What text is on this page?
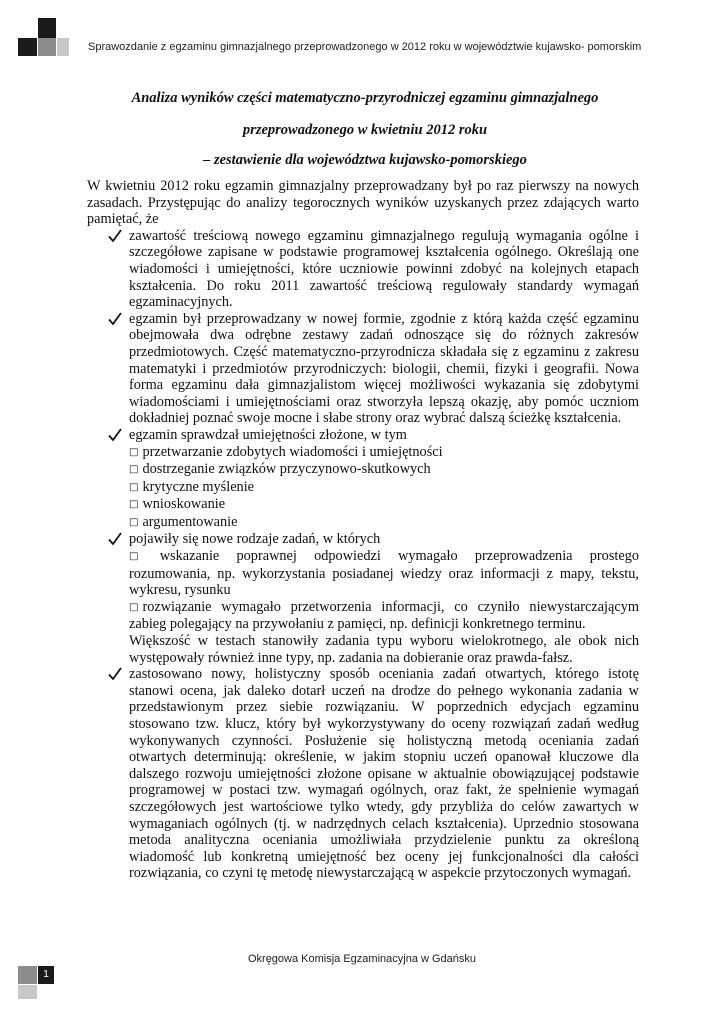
Sprawozdanie z egzaminu gimnazjalnego przeprowadzonego w 2012 roku w województwie kujawsko- pomorskim
Analiza wyników części matematyczno-przyrodniczej egzaminu gimnazjalnego
przeprowadzonego w kwietniu 2012 roku
– zestawienie dla województwa kujawsko-pomorskiego

W kwietniu 2012 roku egzamin gimnazjalny przeprowadzany był po raz pierwszy na nowych zasadach. Przystępując do analizy tegorocznych wyników uzyskanych przez zdających warto pamiętać, że

zawartość treściową nowego egzaminu gimnazjalnego regulują wymagania ogólne i szczegółowe zapisane w podstawie programowej kształcenia ogólnego. Określają one wiadomości i umiejętności, które uczniowie powinni zdobyć na kolejnych etapach kształcenia. Do roku 2011 zawartość treściową regulowały standardy wymagań egzaminacyjnych.
egzamin był przeprowadzany w nowej formie, zgodnie z którą każda część egzaminu obejmowała dwa odrębne zestawy zadań odnoszące się do różnych zakresów przedmiotowych. Część matematyczno-przyrodnicza składała się z egzaminu z zakresu matematyki i przedmiotów przyrodniczych: biologii, chemii, fizyki i geografii. Nowa forma egzaminu dała gimnazjalistom więcej możliwości wykazania się zdobytymi wiadomościami i umiejętnościami oraz stworzyła lepszą okazję, aby pomóc uczniom dokładniej poznać swoje mocne i słabe strony oraz wybrać dalszą ścieżkę kształcenia.
egzamin sprawdzał umiejętności złożone, w tym

□ przetwarzanie zdobytych wiadomości i umiejętności

□ dostrzeganie związków przyczynowo-skutkowych

□ krytyczne myślenie

□ wnioskowanie

□ argumentowanie

pojawiły się nowe rodzaje zadań, w których

□ wskazanie poprawnej odpowiedzi wymagało przeprowadzenia prostego rozumowania, np. wykorzystania posiadanej wiedzy oraz informacji z mapy, tekstu, wykresu, rysunku

□ rozwiązanie wymagało przetworzenia informacji, co czyniło niewystarczającym zabieg polegający na przywołaniu z pamięci, np. definicji konkretnego terminu.

Większość w testach stanowiły zadania typu wyboru wielokrotnego, ale obok nich występowały również inne typy, np. zadania na dobieranie oraz prawda-fałsz.

zastosowano nowy, holistyczny sposób oceniania zadań otwartych, którego istotę stanowi ocena, jak daleko dotarł uczeń na drodze do pełnego wykonania zadania w przedstawionym przez siebie rozwiązaniu. W poprzednich edycjach egzaminu stosowano tzw. klucz, który był wykorzystywany do oceny rozwiązań zadań według wykonywanych czynności. Posłużenie się holistyczną metodą oceniania zadań otwartych determinują: określenie, w jakim stopniu uczeń opanował kluczowe dla dalszego rozwoju umiejętności złożone opisane w aktualnie obowiązującej podstawie programowej w postaci tzw. wymagań ogólnych, oraz fakt, że spełnienie wymagań szczegółowych jest wartościowe tylko wtedy, gdy przybliża do celów zawartych w wymaganiach ogólnych (tj. w nadrzędnych celach kształcenia). Uprzednio stosowana metoda analityczna oceniania umożliwiała przydzielenie punktu za określoną wiadomość lub konkretną umiejętność bez oceny jej funkcjonalności dla całości rozwiązania, co czyni tę metodę niewystarczającą w aspekcie przytoczonych wymagań.
Okręgowa Komisja Egzaminacyjna w Gdańsku
1
